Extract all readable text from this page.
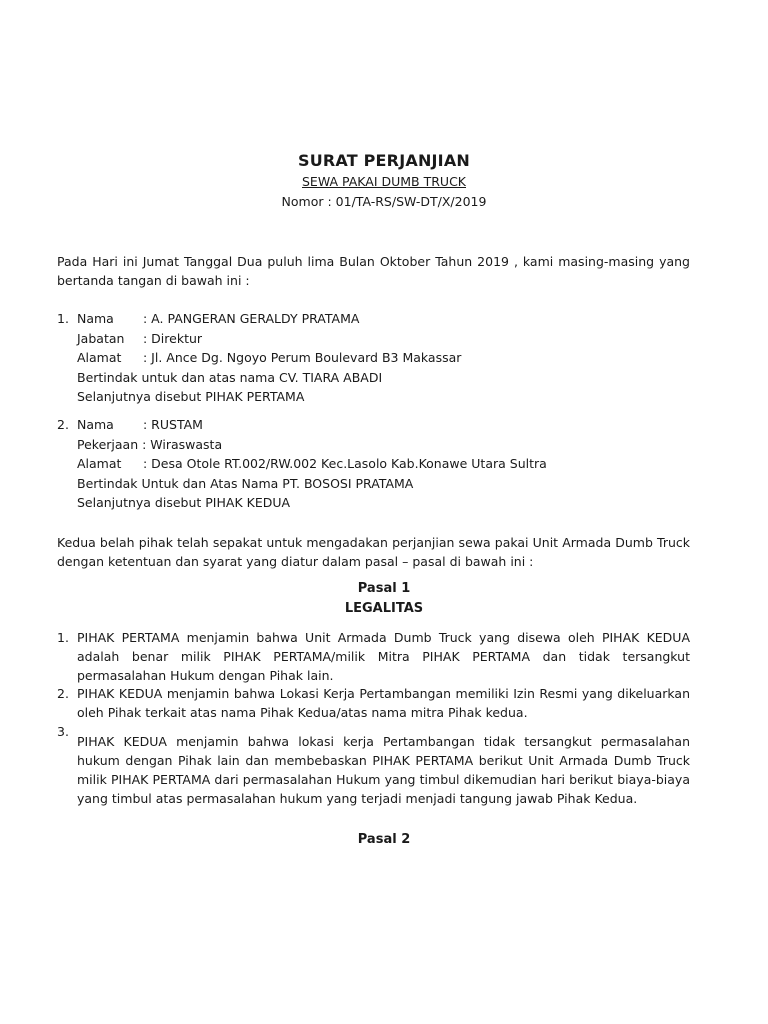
SURAT PERJANJIAN
SEWA PAKAI DUMB TRUCK
Nomor : 01/TA-RS/SW-DT/X/2019
Pada Hari ini Jumat Tanggal Dua puluh lima Bulan Oktober Tahun 2019 , kami masing-masing yang bertanda tangan di bawah ini :
1. Nama	: A. PANGERAN GERALDY PRATAMA
Jabatan	: Direktur
Alamat	: Jl. Ance Dg. Ngoyo Perum Boulevard B3 Makassar
Bertindak untuk dan atas nama CV. TIARA ABADI
Selanjutnya disebut PIHAK PERTAMA
2. Nama	: RUSTAM
Pekerjaan : Wiraswasta
Alamat	: Desa Otole RT.002/RW.002 Kec.Lasolo Kab.Konawe Utara Sultra
Bertindak Untuk dan Atas Nama PT. BOSOSI PRATAMA
Selanjutnya disebut PIHAK KEDUA
Kedua belah pihak telah sepakat untuk mengadakan perjanjian sewa pakai Unit Armada Dumb Truck dengan ketentuan dan syarat yang diatur dalam pasal – pasal di bawah ini :
Pasal 1
LEGALITAS
1. PIHAK PERTAMA menjamin bahwa Unit Armada Dumb Truck yang disewa oleh PIHAK KEDUA adalah benar milik PIHAK PERTAMA/milik Mitra PIHAK PERTAMA dan tidak tersangkut permasalahan Hukum dengan Pihak lain.
2. PIHAK KEDUA menjamin bahwa Lokasi Kerja Pertambangan memiliki Izin Resmi yang dikeluarkan oleh Pihak terkait atas nama Pihak Kedua/atas nama mitra Pihak kedua.
3.
PIHAK KEDUA menjamin bahwa lokasi kerja Pertambangan tidak tersangkut permasalahan hukum dengan Pihak lain dan membebaskan PIHAK PERTAMA berikut Unit Armada Dumb Truck milik PIHAK PERTAMA dari permasalahan Hukum yang timbul dikemudian hari berikut biaya-biaya yang timbul atas permasalahan hukum yang terjadi menjadi tangung jawab Pihak Kedua.
Pasal 2
